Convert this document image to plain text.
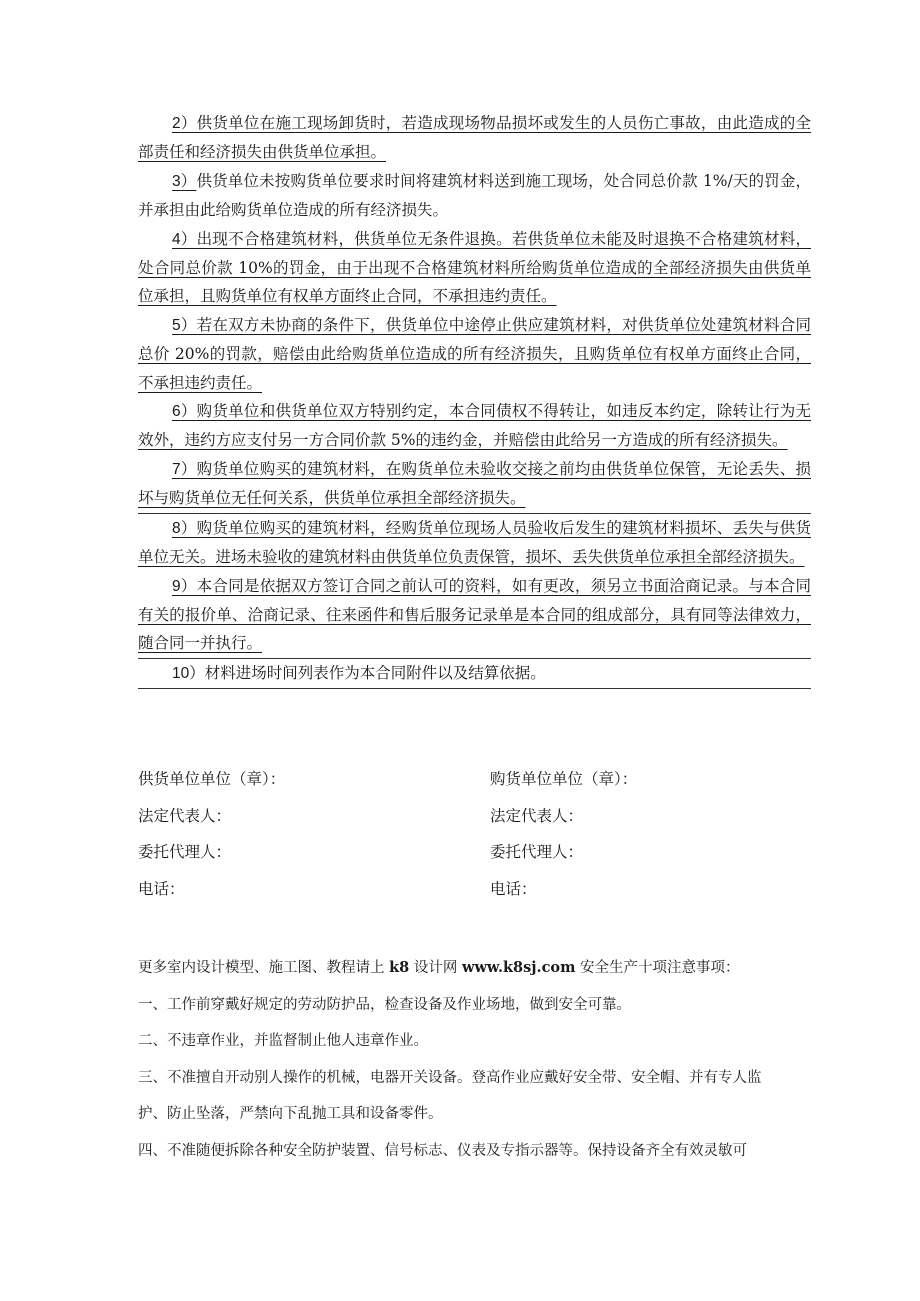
2）供货单位在施工现场卸货时，若造成现场物品损坏或发生的人员伤亡事故，由此造成的全部责任和经济损失由供货单位承担。

3）供货单位未按购货单位要求时间将建筑材料送到施工现场，处合同总价款 1%/天的罚金，并承担由此给购货单位造成的所有经济损失。

4）出现不合格建筑材料，供货单位无条件退换。若供货单位未能及时退换不合格建筑材料，处合同总价款 10%的罚金，由于出现不合格建筑材料所给购货单位造成的全部经济损失由供货单位承担，且购货单位有权单方面终止合同，不承担违约责任。

5）若在双方未协商的条件下，供货单位中途停止供应建筑材料，对供货单位处建筑材料合同总价 20%的罚款，赔偿由此给购货单位造成的所有经济损失，且购货单位有权单方面终止合同，不承担违约责任。

6）购货单位和供货单位双方特别约定，本合同债权不得转让，如违反本约定，除转让行为无效外，违约方应支付另一方合同价款 5%的违约金，并赔偿由此给另一方造成的所有经济损失。

7）购货单位购买的建筑材料，在购货单位未验收交接之前均由供货单位保管，无论丢失、损坏与购货单位无任何关系，供货单位承担全部经济损失。

8）购货单位购买的建筑材料，经购货单位现场人员验收后发生的建筑材料损坏、丢失与供货单位无关。进场未验收的建筑材料由供货单位负责保管，损坏、丢失供货单位承担全部经济损失。

9）本合同是依据双方签订合同之前认可的资料，如有更改，须另立书面洽商记录。与本合同有关的报价单、洽商记录、往来函件和售后服务记录单是本合同的组成部分，具有同等法律效力，随合同一并执行。

10）材料进场时间列表作为本合同附件以及结算依据。

供货单位单位（章）：	购货单位单位（章）：
法定代表人：	法定代表人：
委托代理人：	委托代理人：
电话：	电话：

更多室内设计模型、施工图、教程请上 k8 设计网 www.k8sj.com 安全生产十项注意事项：

一、工作前穿戴好规定的劳动防护品，检查设备及作业场地，做到安全可靠。

二、不违章作业，并监督制止他人违章作业。

三、不准擅自开动别人操作的机械，电器开关设备。登高作业应戴好安全带、安全帽、并有专人监

护、防止坠落，严禁向下乱抛工具和设备零件。

四、不准随便拆除各种安全防护装置、信号标志、仪表及专指示器等。保持设备齐全有效灵敏可
